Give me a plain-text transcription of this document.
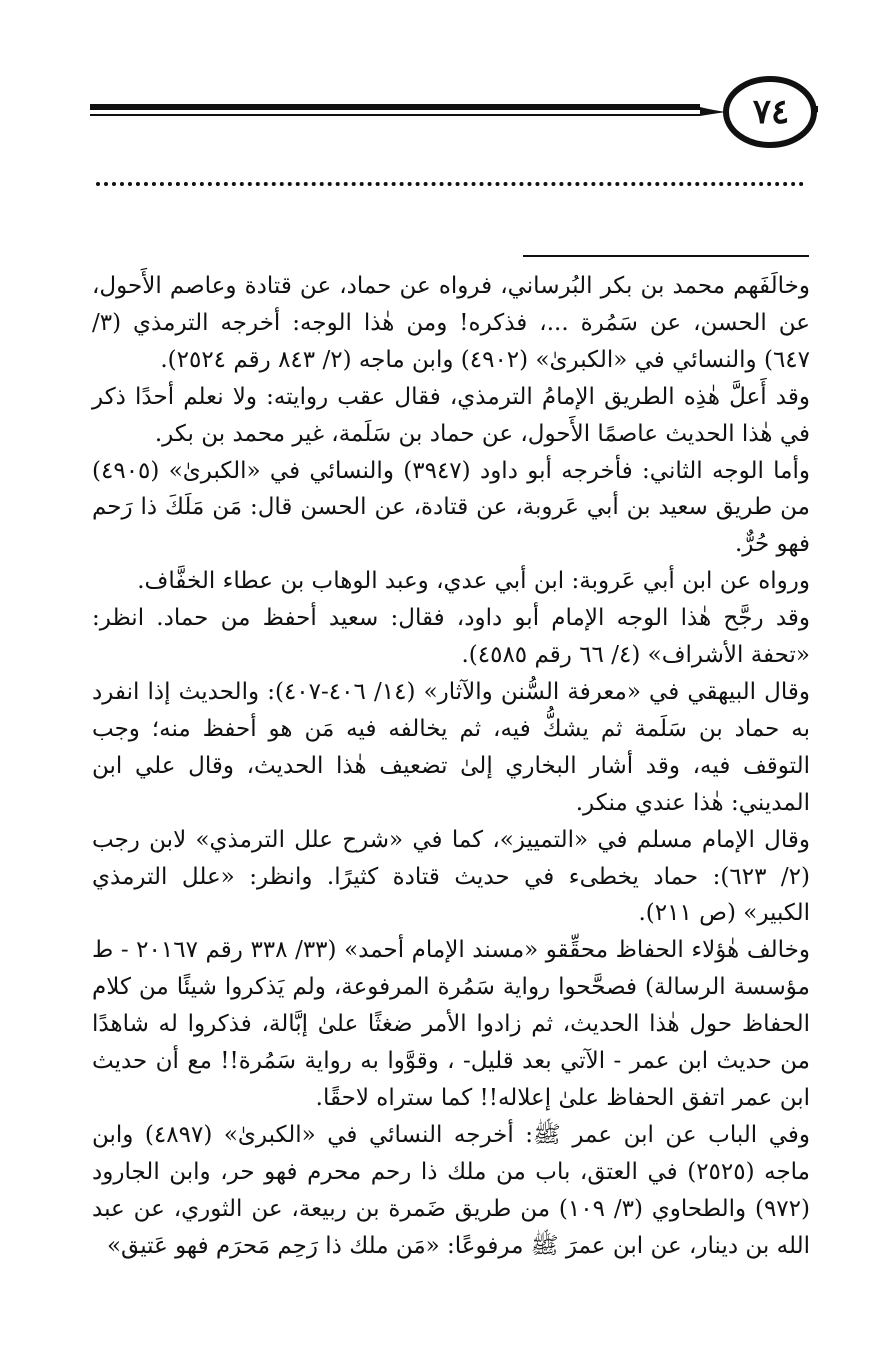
٧٤

وخالَفَهم محمد بن بكر البُرساني، فرواه عن حماد، عن قتادة وعاصم الأَحول، عن الحسن، عن سَمُرة ...، فذكره! ومن هٰذا الوجه: أخرجه الترمذي (٣/ ٦٤٧) والنسائي في «الكبرىٰ» (٤٩٠٢) وابن ماجه (٢/ ٨٤٣ رقم ٢٥٢٤).

وقد أَعلَّ هٰذِه الطريق الإمامُ الترمذي، فقال عقب روايته: ولا نعلم أحدًا ذكر في هٰذا الحديث عاصمًا الأَحول، عن حماد بن سَلَمة، غير محمد بن بكر.

وأما الوجه الثاني: فأخرجه أبو داود (٣٩٤٧) والنسائي في «الكبرىٰ» (٤٩٠٥) من طريق سعيد بن أبي عَروبة، عن قتادة، عن الحسن قال: مَن مَلَكَ ذا رَحم فهو حُرٌّ.

ورواه عن ابن أبي عَروبة: ابن أبي عدي، وعبد الوهاب بن عطاء الخفَّاف.

وقد رجَّح هٰذا الوجه الإمام أبو داود، فقال: سعيد أحفظ من حماد. انظر: «تحفة الأشراف» (٤/ ٦٦ رقم ٤٥٨٥).

وقال البيهقي في «معرفة السُّنن والآثار» (١٤/ ٤٠٦-٤٠٧): والحديث إذا انفرد به حماد بن سَلَمة ثم يشكُّ فيه، ثم يخالفه فيه مَن هو أحفظ منه؛ وجب التوقف فيه، وقد أشار البخاري إلىٰ تضعيف هٰذا الحديث، وقال علي ابن المديني: هٰذا عندي منكر.

وقال الإمام مسلم في «التمييز»، كما في «شرح علل الترمذي» لابن رجب (٢/ ٦٢٣): حماد يخطىء في حديث قتادة كثيرًا. وانظر: «علل الترمذي الكبير» (ص ٢١١).

وخالف هٰؤلاء الحفاظ محقِّقو «مسند الإمام أحمد» (٣٣/ ٣٣٨ رقم ٢٠١٦٧ - ط مؤسسة الرسالة) فصحَّحوا رواية سَمُرة المرفوعة، ولم يَذكروا شيئًا من كلام الحفاظ حول هٰذا الحديث، ثم زادوا الأمر ضغثًا علىٰ إبَّالة، فذكروا له شاهدًا من حديث ابن عمر - الآتي بعد قليل- ، وقوَّوا به رواية سَمُرة!! مع أن حديث ابن عمر اتفق الحفاظ علىٰ إعلاله!! كما ستراه لاحقًا.

وفي الباب عن ابن عمر ﷺ: أخرجه النسائي في «الكبرىٰ» (٤٨٩٧) وابن ماجه (٢٥٢٥) في العتق، باب من ملك ذا رحم محرم فهو حر، وابن الجارود (٩٧٢) والطحاوي (٣/ ١٠٩) من طريق ضَمرة بن ربيعة، عن الثوري، عن عبد الله بن دينار، عن ابن عمرَ ﷺ مرفوعًا: «مَن ملك ذا رَحِم مَحرَم فهو عَتيق»
